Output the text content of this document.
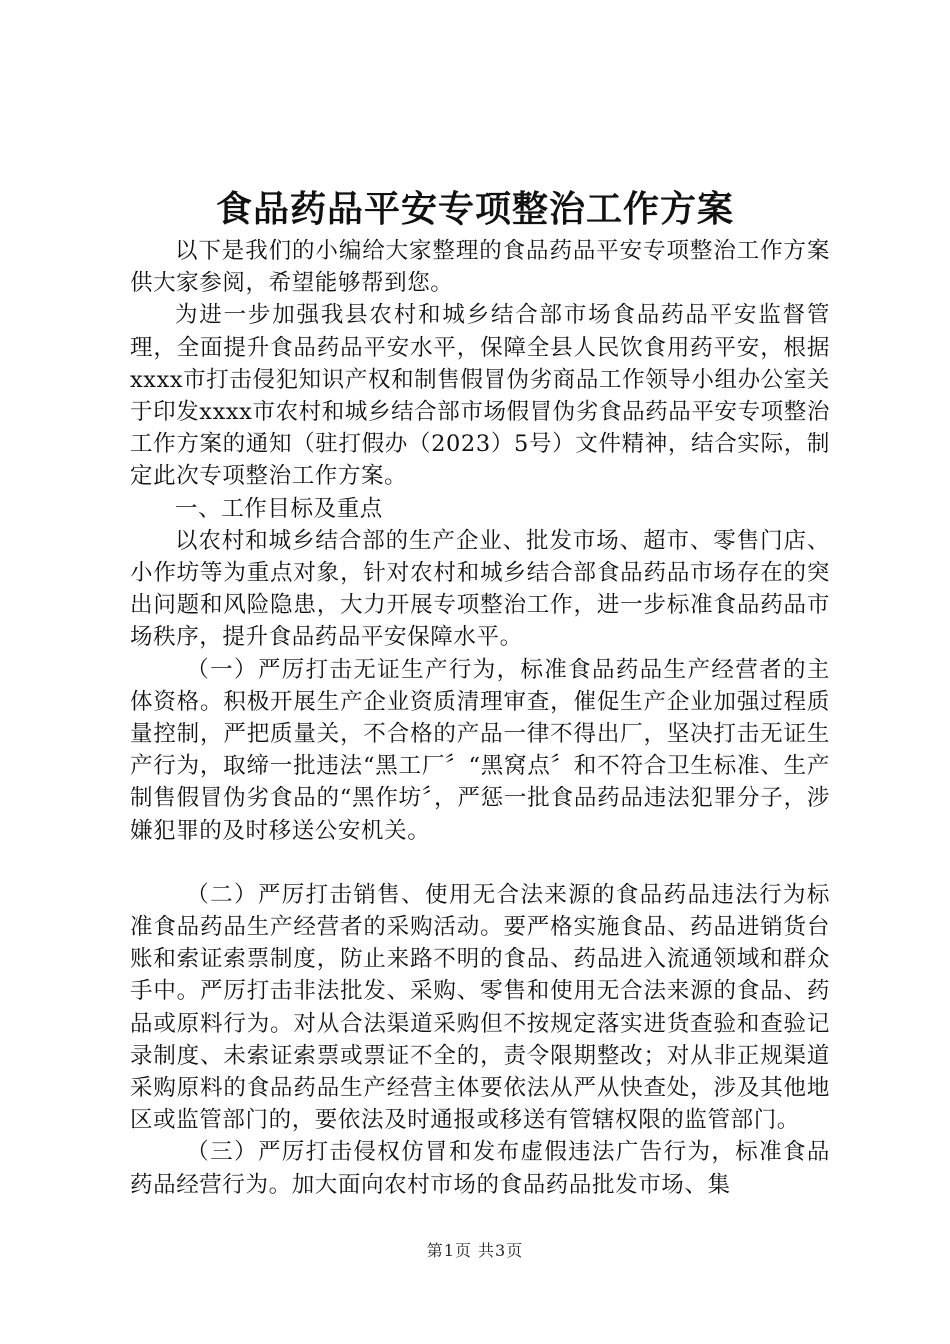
食品药品平安专项整治工作方案

以下是我们的小编给大家整理的食品药品平安专项整治工作方案供大家参阅，希望能够帮到您。

为进一步加强我县农村和城乡结合部市场食品药品平安监督管理，全面提升食品药品平安水平，保障全县人民饮食用药平安，根据xxxx市打击侵犯知识产权和制售假冒伪劣商品工作领导小组办公室关于印发xxxx市农村和城乡结合部市场假冒伪劣食品药品平安专项整治工作方案的通知（驻打假办（2023）5号）文件精神，结合实际，制定此次专项整治工作方案。

一、工作目标及重点

以农村和城乡结合部的生产企业、批发市场、超市、零售门店、小作坊等为重点对象，针对农村和城乡结合部食品药品市场存在的突出问题和风险隐患，大力开展专项整治工作，进一步标准食品药品市场秩序，提升食品药品平安保障水平。

（一）严厉打击无证生产行为，标准食品药品生产经营者的主体资格。积极开展生产企业资质清理审查，催促生产企业加强过程质量控制，严把质量关，不合格的产品一律不得出厂，坚决打击无证生产行为，取缔一批违法“黑工厂〞“黑窝点〞和不符合卫生标准、生产制售假冒伪劣食品的“黑作坊〞，严惩一批食品药品违法犯罪分子，涉嫌犯罪的及时移送公安机关。

（二）严厉打击销售、使用无合法来源的食品药品违法行为标准食品药品生产经营者的采购活动。要严格实施食品、药品进销货台账和索证索票制度，防止来路不明的食品、药品进入流通领域和群众手中。严厉打击非法批发、采购、零售和使用无合法来源的食品、药品或原料行为。对从合法渠道采购但不按规定落实进货查验和查验记录制度、未索证索票或票证不全的，责令限期整改；对从非正规渠道采购原料的食品药品生产经营主体要依法从严从快查处，涉及其他地区或监管部门的，要依法及时通报或移送有管辖权限的监管部门。

（三）严厉打击侵权仿冒和发布虚假违法广告行为，标准食品药品经营行为。加大面向农村市场的食品药品批发市场、集

第1页 共3页
